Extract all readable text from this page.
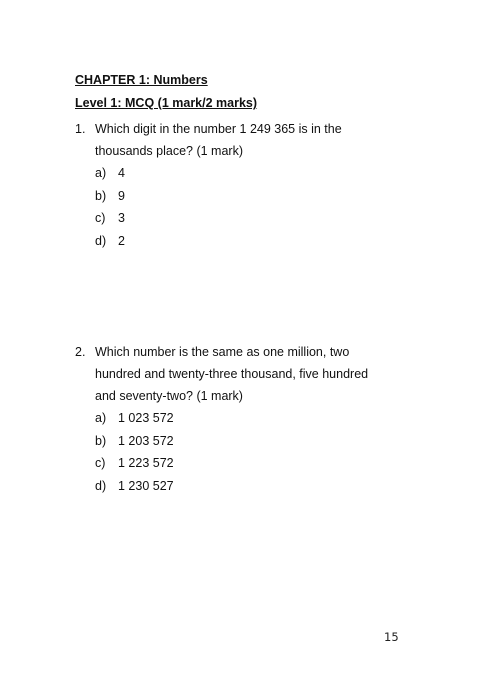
CHAPTER 1: Numbers
Level 1: MCQ (1 mark/2 marks)
1. Which digit in the number 1 249 365 is in the
thousands place? (1 mark)
a) 4
b) 9
c)	3
d) 2
2. Which number is the same as one million, two
hundred and twenty-three thousand, five hundred
and seventy-two? (1 mark)
a) 1 023 572
b) 1 203 572
c)	1 223 572
d) 1 230 527
15
